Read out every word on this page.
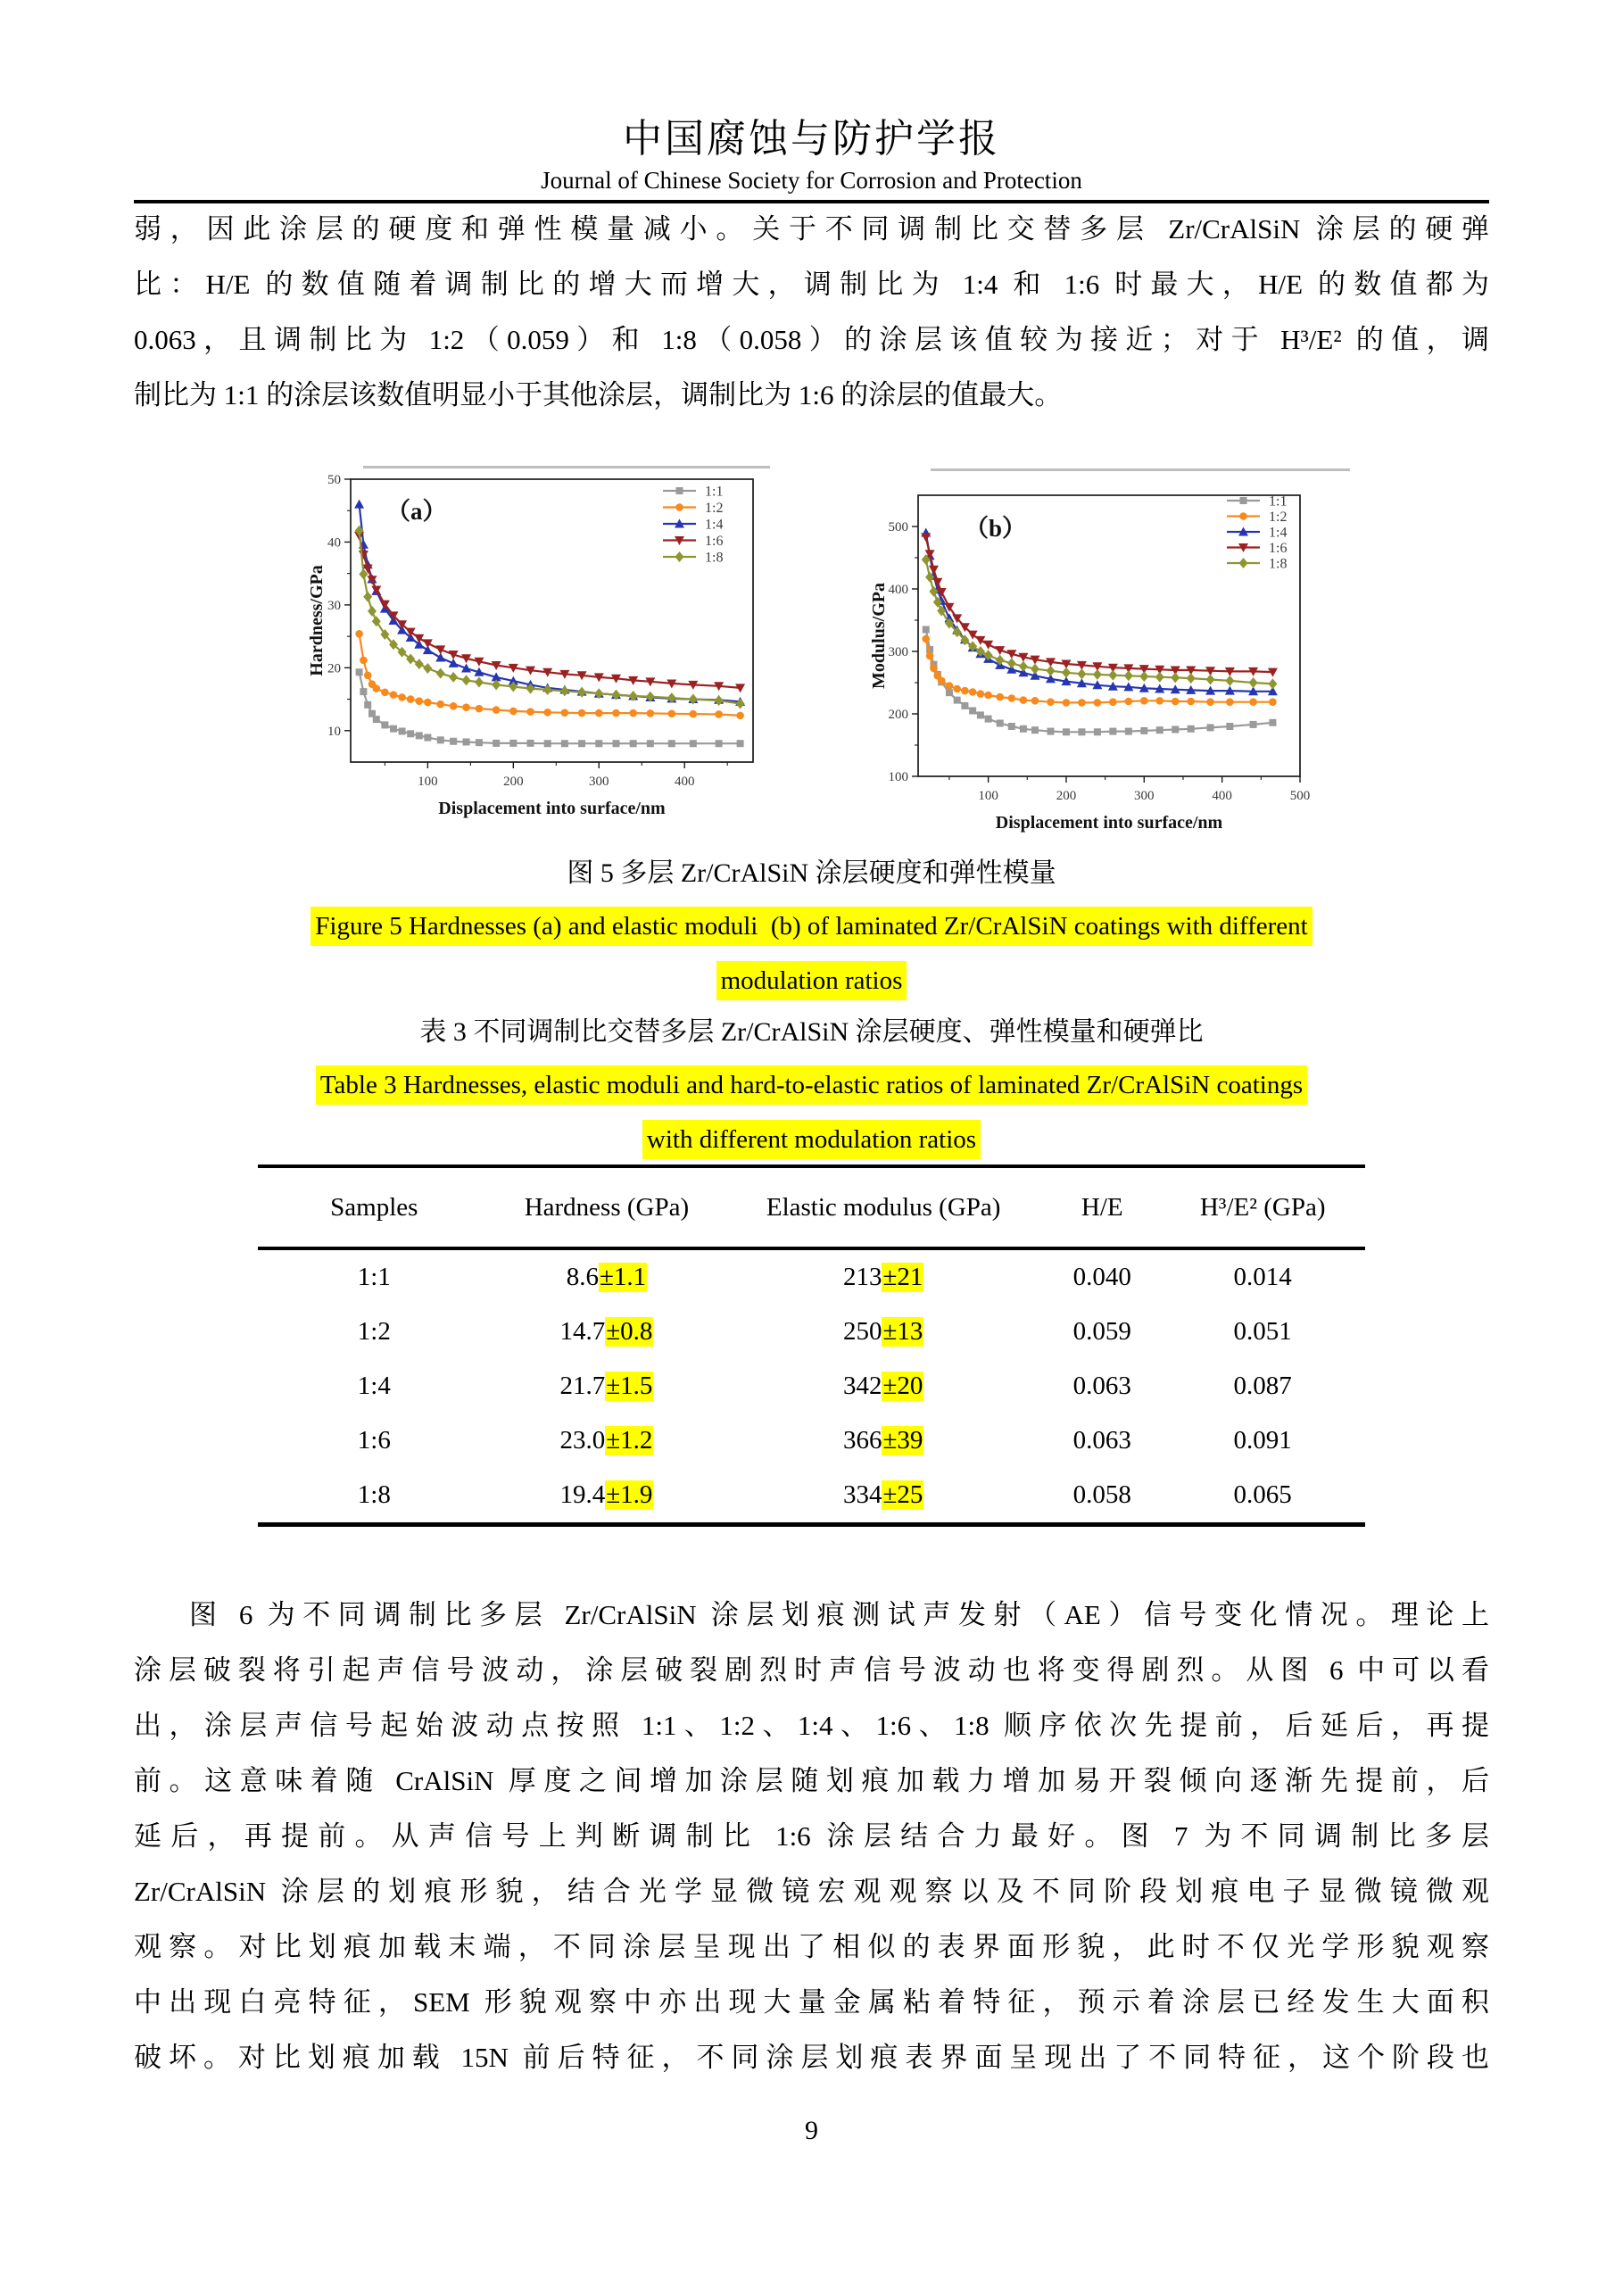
中国腐蚀与防护学报
Journal of Chinese Society for Corrosion and Protection
弱，因此涂层的硬度和弹性模量减小。关于不同调制比交替多层 Zr/CrAlSiN 涂层的硬弹
比：H/E 的数值随着调制比的增大而增大，调制比为 1:4 和 1:6 时最大，H/E 的数值都为
0.063，且调制比为 1:2（0.059）和 1:8（0.058）的涂层该值较为接近；对于 H³/E² 的值，调
制比为 1:1 的涂层该数值明显小于其他涂层，调制比为 1:6 的涂层的值最大。
100	200	300	400
10
20
30
40
50
1:1
1:2
1:4
1:6
1:8
（a）
Displacement into surface/nm
Hardness/GPa
100	200	300	400	500
100
200
300
400
500
1:1
1:2
1:4
1:6
1:8
（b）
Displacement into surface/nm
Modulus/GPa
图 5 多层 Zr/CrAlSiN 涂层硬度和弹性模量
Figure 5 Hardnesses (a) and elastic moduli  (b) of laminated Zr/CrAlSiN coatings with different
modulation ratios
表 3 不同调制比交替多层 Zr/CrAlSiN 涂层硬度、弹性模量和硬弹比
Table 3 Hardnesses, elastic moduli and hard-to-elastic ratios of laminated Zr/CrAlSiN coatings
with different modulation ratios
Samples	Hardness (GPa)	Elastic modulus (GPa)	H/E	H³/E² (GPa)
1:1	8.6±1.1	213±21	0.040	0.014
1:2	14.7±0.8	250±13	0.059	0.051
1:4	21.7±1.5	342±20	0.063	0.087
1:6	23.0±1.2	366±39	0.063	0.091
1:8	19.4±1.9	334±25	0.058	0.065
图 6 为不同调制比多层 Zr/CrAlSiN 涂层划痕测试声发射（AE）信号变化情况。理论上
涂层破裂将引起声信号波动，涂层破裂剧烈时声信号波动也将变得剧烈。从图 6 中可以看
出，涂层声信号起始波动点按照 1:1、1:2、1:4、1:6、1:8 顺序依次先提前，后延后，再提
前。这意味着随 CrAlSiN 厚度之间增加涂层随划痕加载力增加易开裂倾向逐渐先提前，后
延后，再提前。从声信号上判断调制比 1:6 涂层结合力最好。图 7 为不同调制比多层
Zr/CrAlSiN 涂层的划痕形貌，结合光学显微镜宏观观察以及不同阶段划痕电子显微镜微观
观察。对比划痕加载末端，不同涂层呈现出了相似的表界面形貌，此时不仅光学形貌观察
中出现白亮特征，SEM 形貌观察中亦出现大量金属粘着特征，预示着涂层已经发生大面积
破坏。对比划痕加载 15N 前后特征，不同涂层划痕表界面呈现出了不同特征，这个阶段也
9
